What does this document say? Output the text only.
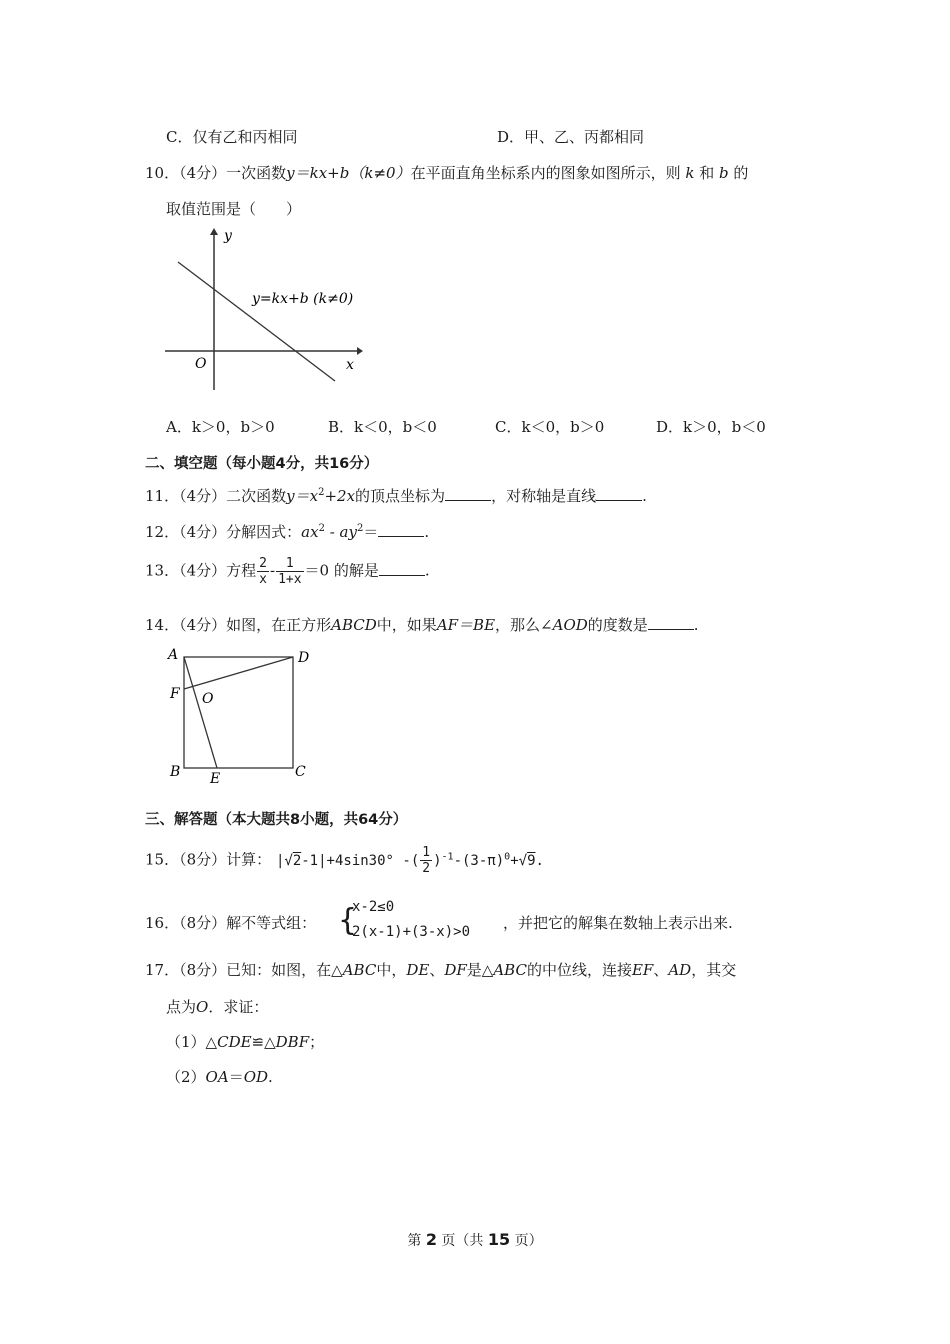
C．仅有乙和丙相同	D．甲、乙、丙都相同
10．（4分）一次函数y＝kx+b（k≠0）在平面直角坐标系内的图象如图所示，则 k 和 b 的
取值范围是（　　）
y
x
O
y=kx+b (k≠0)
A．k＞0，b＞0	B．k＜0，b＜0	C．k＜0，b＞0	D．k＞0，b＜0
二、填空题（每小题4分，共16分）
11．（4分）二次函数$y=x^2+2x$的顶点坐标为	，对称轴是直线	.
12．（4分）分解因式：$ax^2 - ay^2=$	.
13．（4分）方程 $\frac{2}{x} - \frac{1}{1+x} =0$ 的解是	.
14．（4分）如图，在正方形ABCD中，如果AF＝BE，那么∠AOD的度数是	.
A	D
F O
B E	C
三、解答题（本大题共8小题，共64分）
15．（8分）计算： |√2-1|+4sin30° -( $\frac{1}{2} )^{-1}-(3-\pi)^0+√9$.
16．（8分）解不等式组： {
x-2≤0
2(x-1)+(3-x)>0 ，并把它的解集在数轴上表示出来.
17．（8分）已知：如图，在△ABC中，DE、DF是△ABC的中位线，连接EF、AD，其交
点为O．求证：
（1）△CDE≌△DBF；
（2）OA＝OD.
第 2 页（共 15 页）
